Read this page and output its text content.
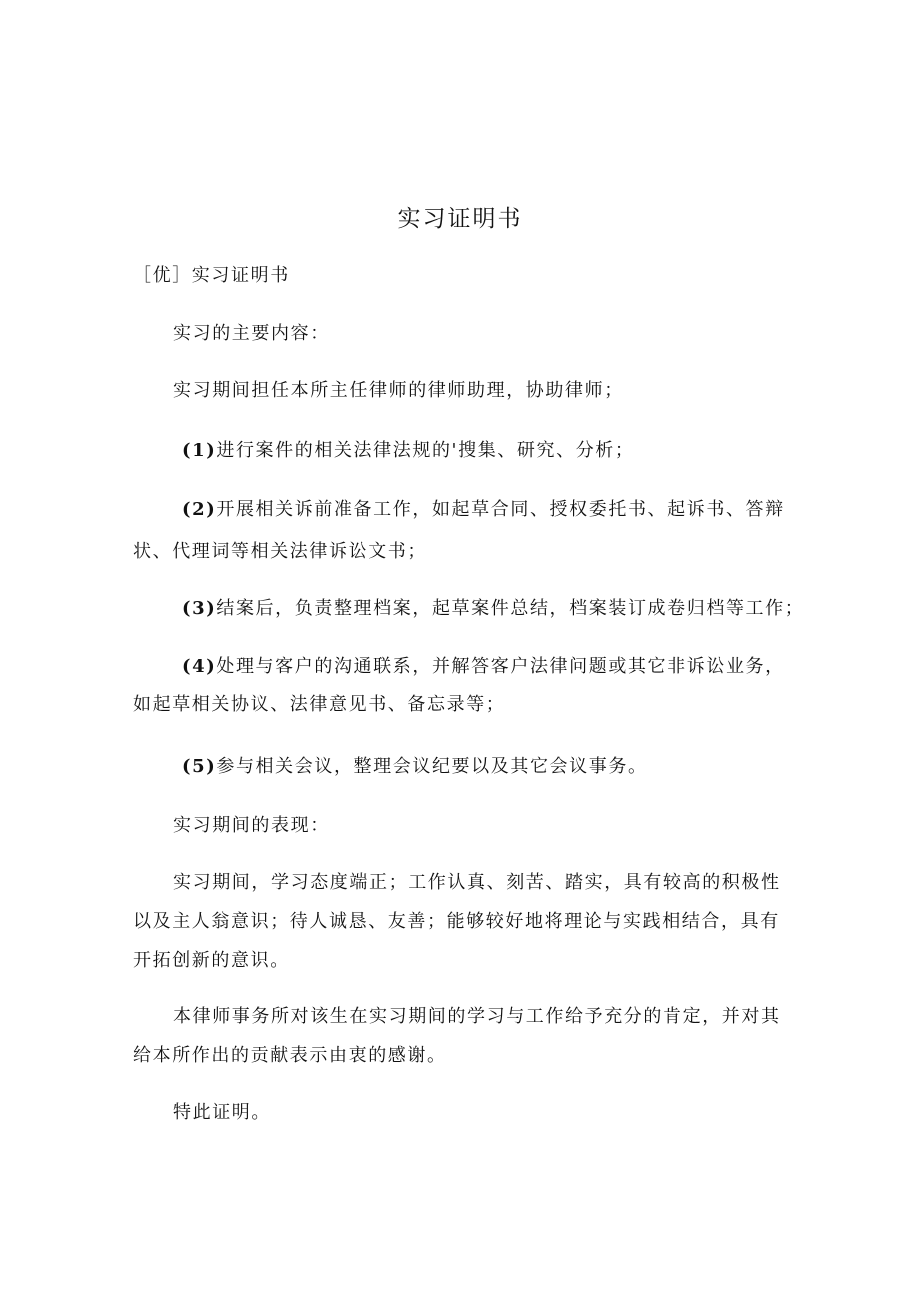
实习证明书
［优］实习证明书
实习的主要内容：
实习期间担任本所主任律师的律师助理，协助律师；
(1)进行案件的相关法律法规的'搜集、研究、分析；
(2)开展相关诉前准备工作，如起草合同、授权委托书、起诉书、答辩
状、代理词等相关法律诉讼文书；
(3)结案后，负责整理档案，起草案件总结，档案装订成卷归档等工作；
(4)处理与客户的沟通联系，并解答客户法律问题或其它非诉讼业务，
如起草相关协议、法律意见书、备忘录等；
(5)参与相关会议，整理会议纪要以及其它会议事务。
实习期间的表现：
实习期间，学习态度端正；工作认真、刻苦、踏实，具有较高的积极性
以及主人翁意识；待人诚恳、友善；能够较好地将理论与实践相结合，具有
开拓创新的意识。
本律师事务所对该生在实习期间的学习与工作给予充分的肯定，并对其
给本所作出的贡献表示由衷的感谢。
特此证明。
